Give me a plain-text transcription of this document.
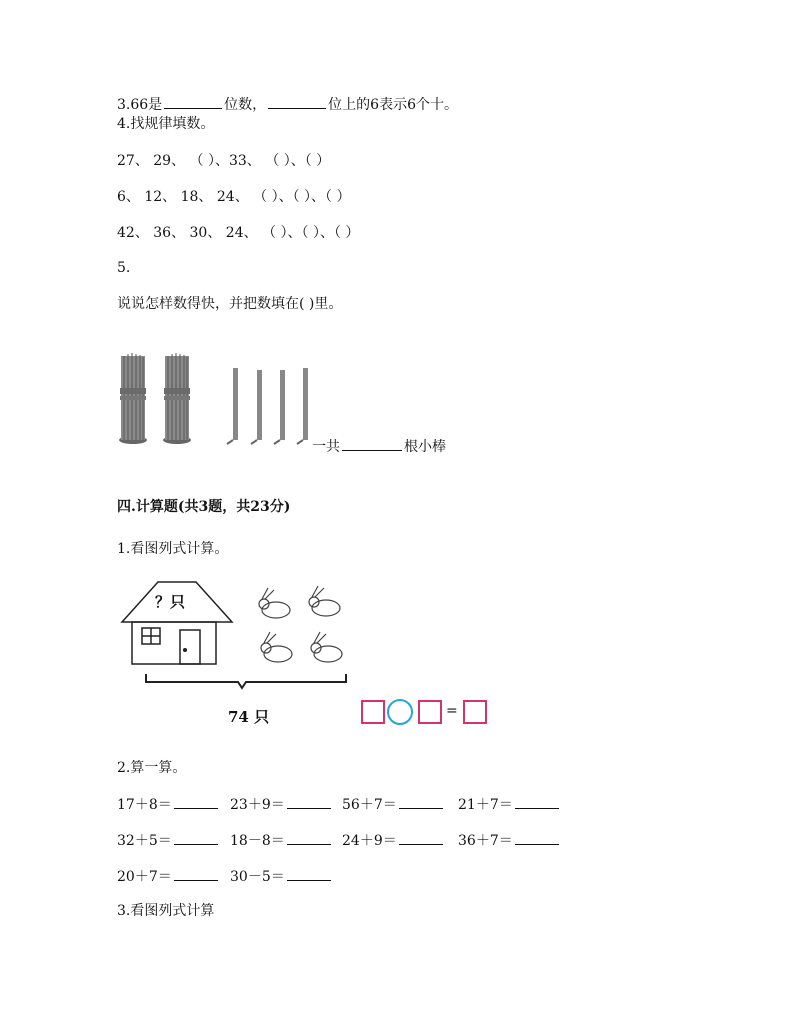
3.66是	位数，	位上的6表示6个十。
4.找规律填数。
27、 29、 （ ）、33、 （ ）、（ ）
6、 12、 18、 24、 （ ）、（ ）、（ ）
42、 36、 30、 24、 （ ）、（ ）、（ ）
5.
说说怎样数得快，并把数填在( )里。
一共	根小棒
四.计算题(共3题，共23分)
1.看图列式计算。
？只
74 只	=
2.算一算。
17＋8＝	23＋9＝	56＋7＝	21＋7＝
32＋5＝	18－8＝	24＋9＝	36＋7＝
20＋7＝	30－5＝
3.看图列式计算
